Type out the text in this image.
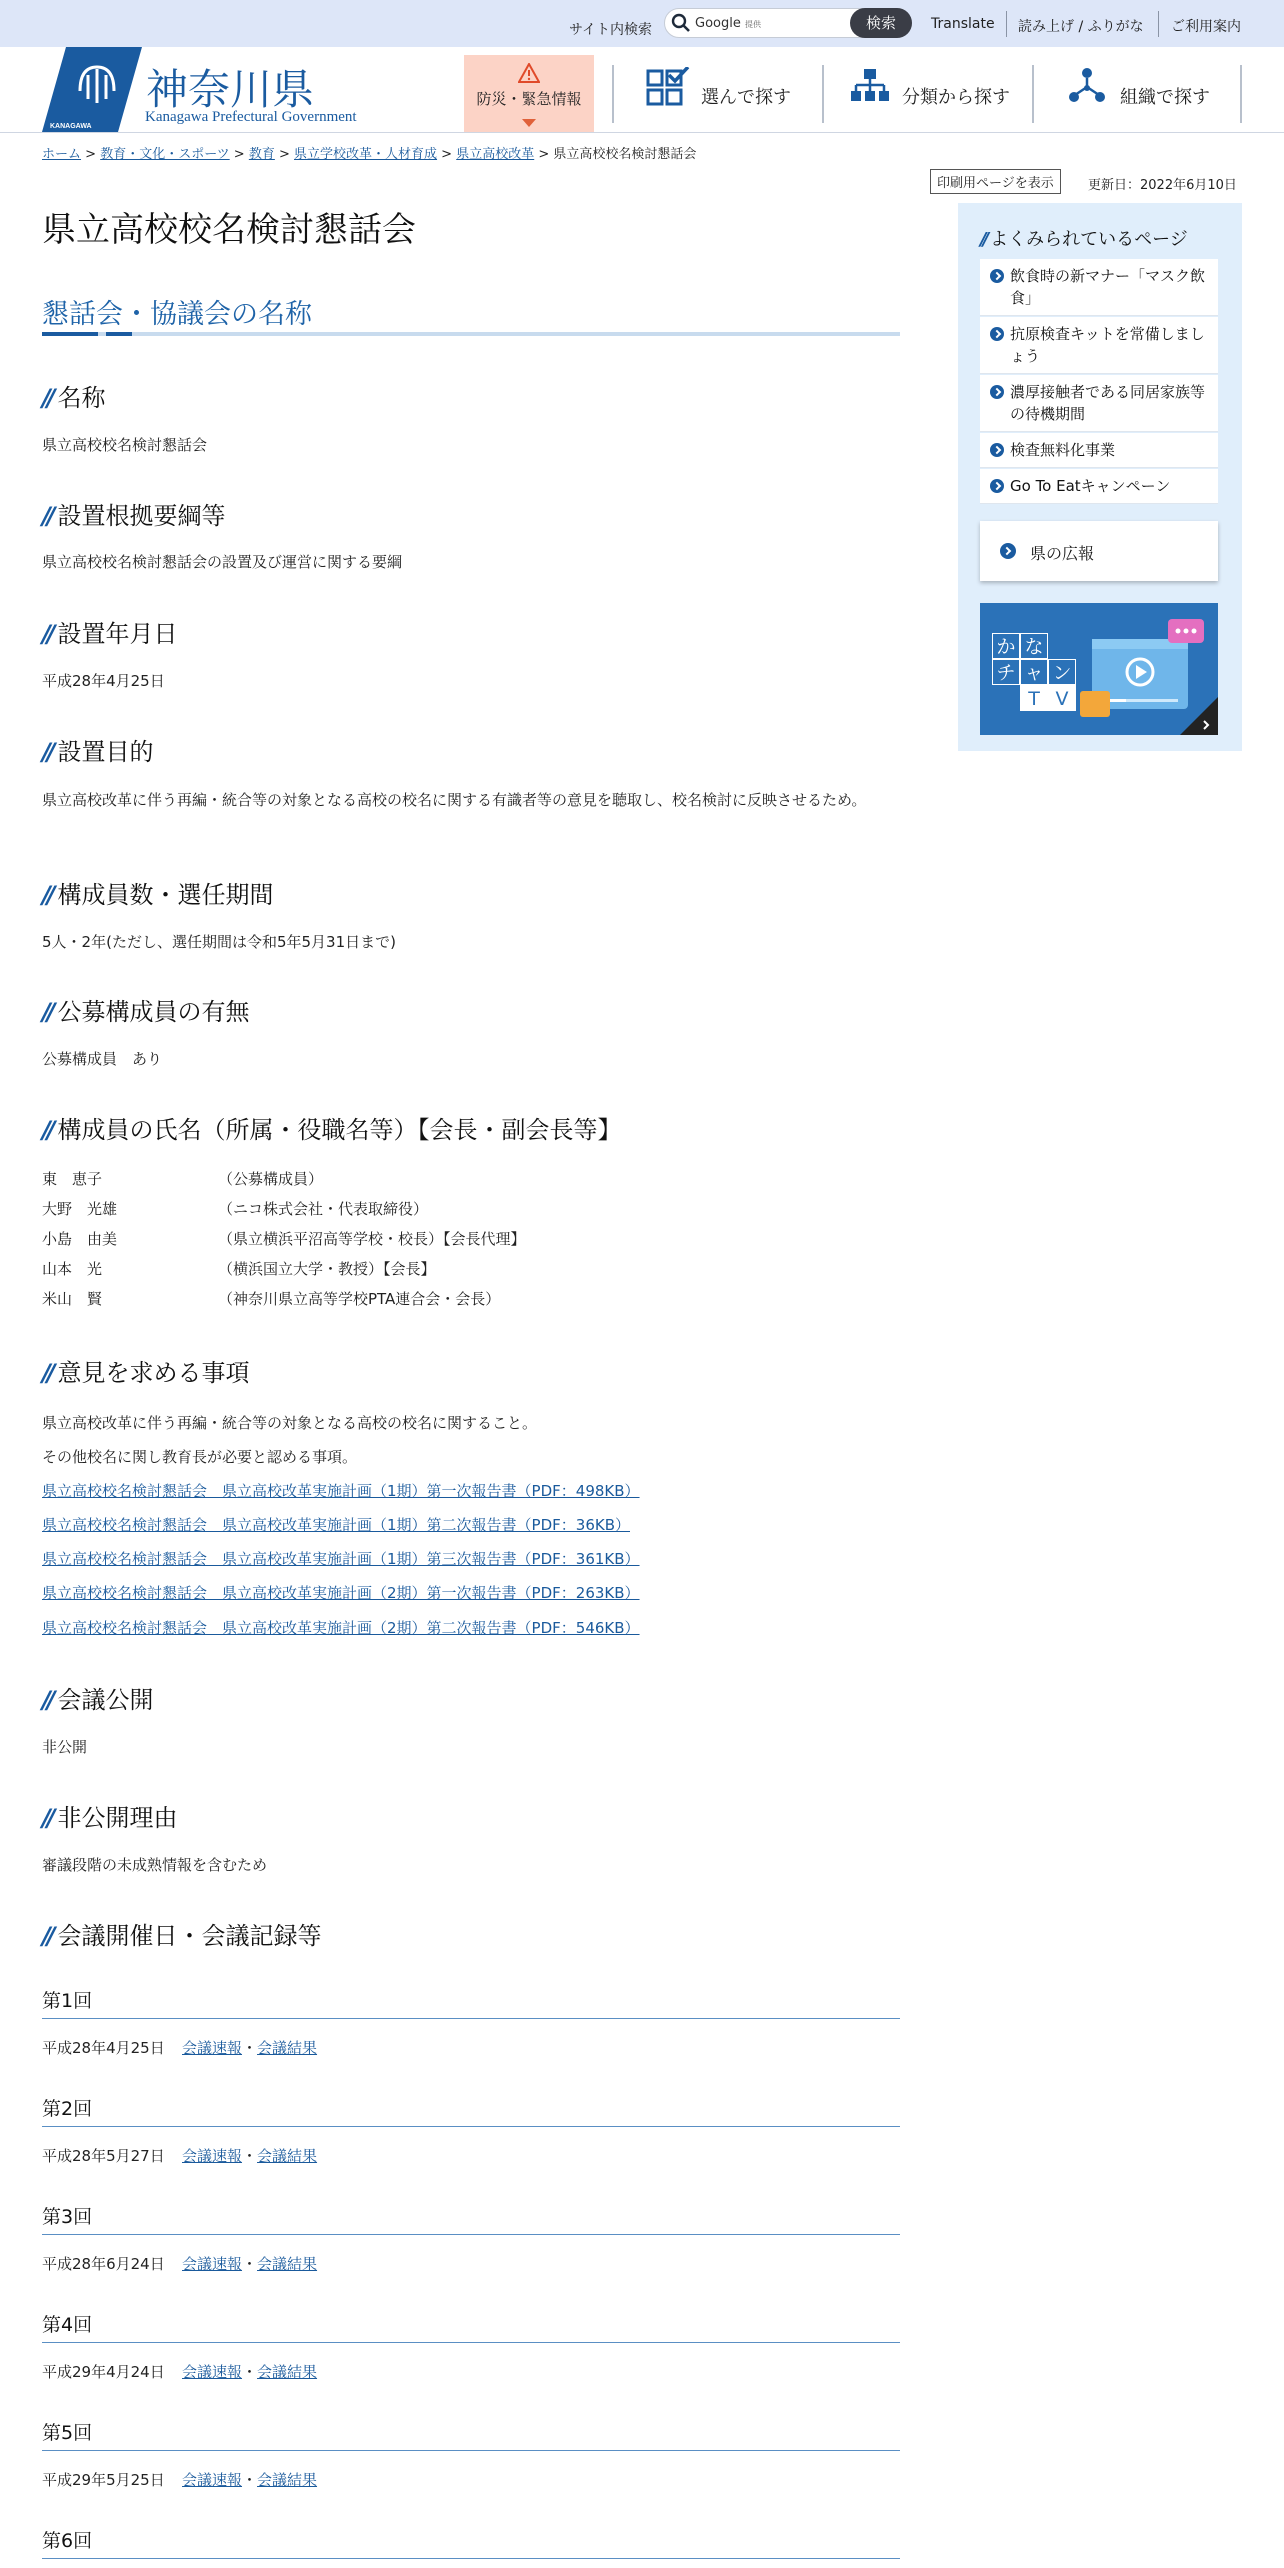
サイト内検索	Google 提供	検索	Translate 読み上げ / ふりがな ご利用案内
KANAGAWA
神奈川県
Kanagawa Prefectural Government
防災・緊急情報	選んで探す	分類から探す	組織で探す
ホーム > 教育・文化・スポーツ > 教育 > 県立学校改革・人材育成 > 県立高校改革 > 県立高校校名検討懇話会
印刷用ページを表示	更新日：2022年6月10日
県立高校校名検討懇話会
懇話会・協議会の名称
// 名称
県立高校校名検討懇話会
// 設置根拠要綱等
県立高校校名検討懇話会の設置及び運営に関する要綱
// 設置年月日
平成28年4月25日
// 設置目的
県立高校改革に伴う再編・統合等の対象となる高校の校名に関する有識者等の意見を聴取し、校名検討に反映させるため。
// 構成員数・選任期間
5人・2年(ただし、選任期間は令和5年5月31日まで)
// 公募構成員の有無
公募構成員　あり
// 構成員の氏名（所属・役職名等）【会長・副会長等】
東　恵子	（公募構成員）
大野　光雄	（ニコ株式会社・代表取締役）
小島　由美	（県立横浜平沼高等学校・校長）【会長代理】
山本　光	（横浜国立大学・教授）【会長】
米山　賢	（神奈川県立高等学校PTA連合会・会長）
// 意見を求める事項
県立高校改革に伴う再編・統合等の対象となる高校の校名に関すること。
その他校名に関し教育長が必要と認める事項。
県立高校校名検討懇話会　県立高校改革実施計画（1期）第一次報告書（PDF：498KB）
県立高校校名検討懇話会　県立高校改革実施計画（1期）第二次報告書（PDF：36KB）
県立高校校名検討懇話会　県立高校改革実施計画（1期）第三次報告書（PDF：361KB）
県立高校校名検討懇話会　県立高校改革実施計画（2期）第一次報告書（PDF：263KB）
県立高校校名検討懇話会　県立高校改革実施計画（2期）第二次報告書（PDF：546KB）
// 会議公開
非公開
// 非公開理由
審議段階の未成熟情報を含むため
// 会議開催日・会議記録等
第1回
平成28年4月25日 会議速報・会議結果
第2回
平成28年5月27日 会議速報・会議結果
第3回
平成28年6月24日 会議速報・会議結果
第4回
平成29年4月24日 会議速報・会議結果
第5回
平成29年5月25日 会議速報・会議結果
第6回
// よくみられているページ
飲食時の新マナー「マスク飲食」
抗原検査キットを常備しましょう
濃厚接触者である同居家族等の待機期間
検査無料化事業
Go To Eatキャンペーン
県の広報
か な
チ ャ ン
T V
